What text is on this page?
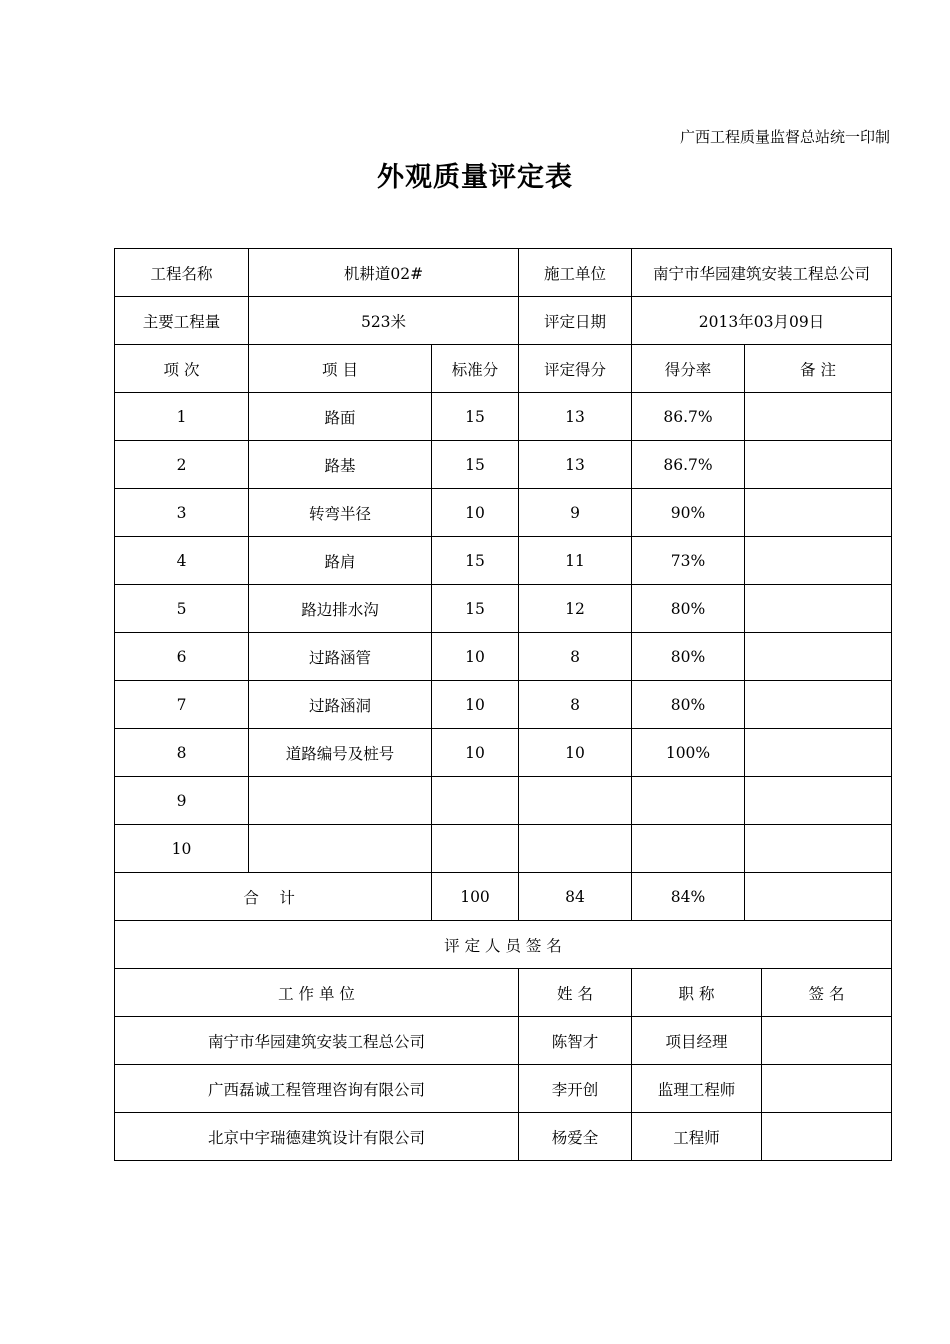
广西工程质量监督总站统一印制
外观质量评定表
工程名称	机耕道02#		施工单位	南宁市华园建筑安装工程总公司		
主要工程量	523米		评定日期	2013年03月09日		
项 次	项 目	标准分	评定得分	得分率	备 注	
1	路面	15	13	86.7%		
2	路基	15	13	86.7%		
3	转弯半径	10	9	90%		
4	路肩	15	11	73%		
5	路边排水沟	15	12	80%		
6	过路涵管	10	8	80%		
7	过路涵洞	10	8	80%		
8	道路编号及桩号	10	10	100%		
9						
10						
合 计		100	84	84%		
评 定 人 员 签 名						
工 作 单 位			姓 名	职 称		签 名
南宁市华园建筑安装工程总公司			陈智才	项目经理		
广西磊诚工程管理咨询有限公司			李开创	监理工程师		
北京中宇瑞德建筑设计有限公司			杨爱全	工程师		
